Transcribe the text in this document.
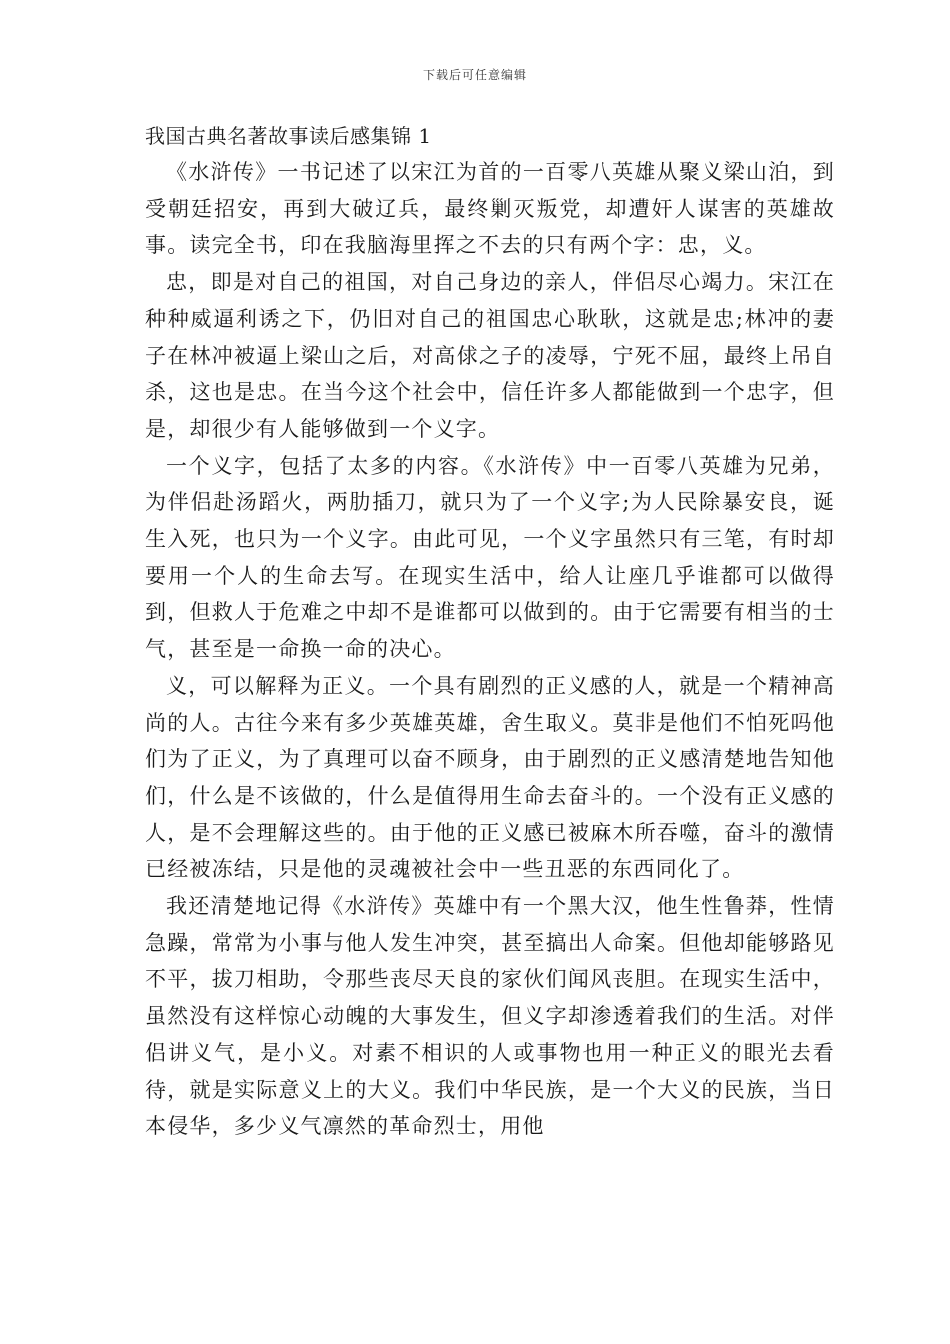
下载后可任意编辑
我国古典名著故事读后感集锦 1

《水浒传》一书记述了以宋江为首的一百零八英雄从聚义梁山泊，到受朝廷招安，再到大破辽兵，最终剿灭叛党，却遭奸人谋害的英雄故事。读完全书，印在我脑海里挥之不去的只有两个字：忠，义。

忠，即是对自己的祖国，对自己身边的亲人，伴侣尽心竭力。宋江在种种威逼利诱之下，仍旧对自己的祖国忠心耿耿，这就是忠;林冲的妻子在林冲被逼上梁山之后，对高俅之子的凌辱，宁死不屈，最终上吊自杀，这也是忠。在当今这个社会中，信任许多人都能做到一个忠字，但是，却很少有人能够做到一个义字。

一个义字，包括了太多的内容。《水浒传》中一百零八英雄为兄弟，为伴侣赴汤蹈火，两肋插刀，就只为了一个义字;为人民除暴安良，诞生入死，也只为一个义字。由此可见，一个义字虽然只有三笔，有时却要用一个人的生命去写。在现实生活中，给人让座几乎谁都可以做得到，但救人于危难之中却不是谁都可以做到的。由于它需要有相当的士气，甚至是一命换一命的决心。

义，可以解释为正义。一个具有剧烈的正义感的人，就是一个精神高尚的人。古往今来有多少英雄英雄，舍生取义。莫非是他们不怕死吗他们为了正义，为了真理可以奋不顾身，由于剧烈的正义感清楚地告知他们，什么是不该做的，什么是值得用生命去奋斗的。一个没有正义感的人，是不会理解这些的。由于他的正义感已被麻木所吞噬，奋斗的激情已经被冻结，只是他的灵魂被社会中一些丑恶的东西同化了。

我还清楚地记得《水浒传》英雄中有一个黑大汉，他生性鲁莽，性情急躁，常常为小事与他人发生冲突，甚至搞出人命案。但他却能够路见不平，拔刀相助，令那些丧尽天良的家伙们闻风丧胆。在现实生活中，虽然没有这样惊心动魄的大事发生，但义字却渗透着我们的生活。对伴侣讲义气，是小义。对素不相识的人或事物也用一种正义的眼光去看待，就是实际意义上的大义。我们中华民族，是一个大义的民族，当日本侵华，多少义气凛然的革命烈士，用他
